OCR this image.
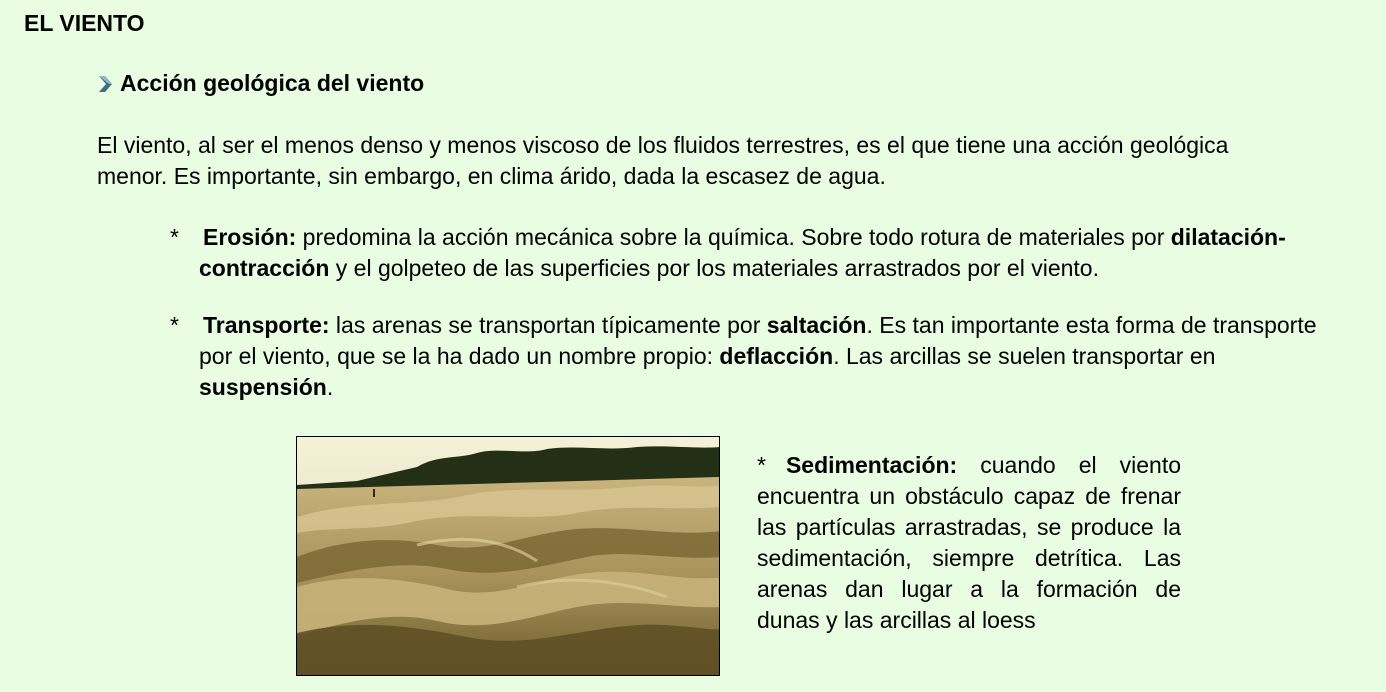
EL VIENTO
Acción geológica del viento

El viento, al ser el menos denso y menos viscoso de los fluidos terrestres, es el que tiene una acción geológica menor. Es importante, sin embargo, en clima árido, dada la escasez de agua.

*	Erosión: predomina la acción mecánica sobre la química. Sobre todo rotura de materiales por dilatación-contracción y el golpeteo de las superficies por los materiales arrastrados por el viento.

*	Transporte: las arenas se transportan típicamente por saltación. Es tan importante esta forma de transporte por el viento, que se la ha dado un nombre propio: deflacción. Las arcillas se suelen transportar en suspensión.

* Sedimentación: cuando el viento encuentra un obstáculo capaz de frenar las partículas arrastradas, se produce la sedimentación, siempre detrítica. Las arenas dan lugar a la formación de dunas y las arcillas al loess
